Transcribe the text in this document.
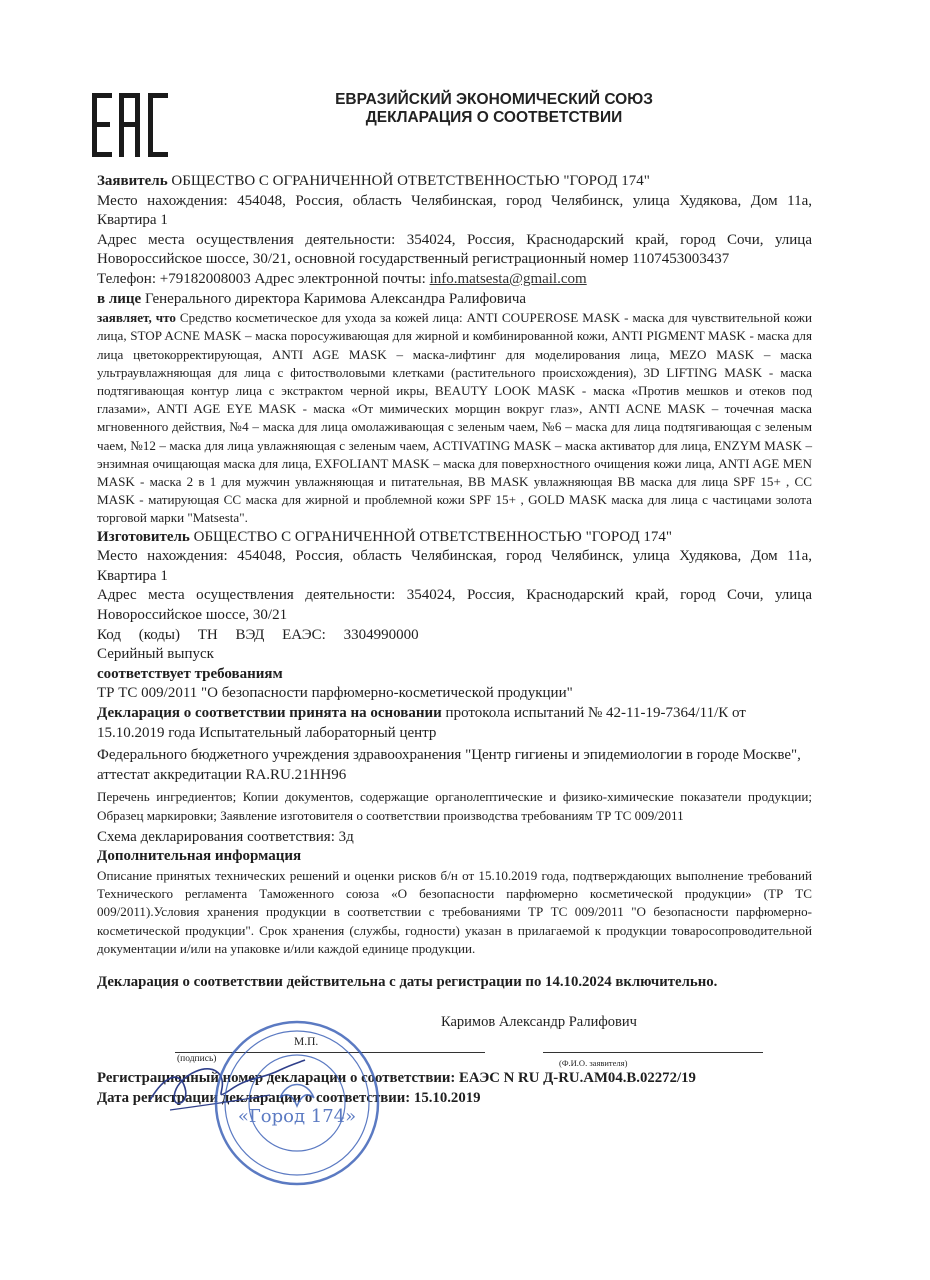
ЕВРАЗИЙСКИЙ ЭКОНОМИЧЕСКИЙ СОЮЗ
ДЕКЛАРАЦИЯ О СООТВЕТСТВИИ

Заявитель ОБЩЕСТВО С ОГРАНИЧЕННОЙ ОТВЕТСТВЕННОСТЬЮ "ГОРОД 174"

Место нахождения: 454048, Россия, область Челябинская, город Челябинск, улица Худякова, Дом 11а, Квартира 1

Адрес места осуществления деятельности: 354024, Россия, Краснодарский край, город Сочи, улица Новороссийское шоссе, 30/21, основной государственный регистрационный номер 1107453003437

Телефон: +79182008003 Адрес электронной почты: info.matsesta@gmail.com

в лице Генерального директора Каримова Александра Ралифовича

заявляет, что Средство косметическое для ухода за кожей лица: ANTI COUPEROSE MASK - маска для чувствительной кожи лица, STOP ACNE MASK – маска поросуживающая для жирной и комбинированной кожи, ANTI PIGMENT MASK - маска для лица цветокорректирующая, ANTI AGE MASK – маска-лифтинг для моделирования лица, MEZO MASK – маска ультраувлажняющая для лица с фитостволовыми клетками (растительного происхождения), 3D LIFTING MASK - маска подтягивающая контур лица с экстрактом черной икры, BEAUTY LOOK MASK - маска «Против мешков и отеков под глазами», ANTI AGE EYE MASK - маска «От мимических морщин вокруг глаз», ANTI ACNE MASK – точечная маска мгновенного действия, №4 – маска для лица омолаживающая с зеленым чаем, №6 – маска для лица подтягивающая с зеленым чаем, №12 – маска для лица увлажняющая с зеленым чаем, ACTIVATING MASK – маска активатор для лица, ENZYM MASK – энзимная очищающая маска для лица, EXFOLIANT MASK – маска для поверхностного очищения кожи лица, ANTI AGE MEN MASK - маска 2 в 1 для мужчин увлажняющая и питательная, BB MASK увлажняющая BB маска для лица SPF 15+ , CC MASK - матирующая CC маска для жирной и проблемной кожи SPF 15+ , GOLD MASK маска для лица с частицами золота торговой марки "Matsesta".

Изготовитель ОБЩЕСТВО С ОГРАНИЧЕННОЙ ОТВЕТСТВЕННОСТЬЮ "ГОРОД 174"

Место нахождения: 454048, Россия, область Челябинская, город Челябинск, улица Худякова, Дом 11а, Квартира 1

Адрес места осуществления деятельности: 354024, Россия, Краснодарский край, город Сочи, улица Новороссийское шоссе, 30/21

Код (коды) ТН ВЭД ЕАЭС: 3304990000

Серийный выпуск

соответствует требованиям

ТР ТС 009/2011 "О безопасности парфюмерно-косметической продукции"

Декларация о соответствии принята на основании протокола испытаний № 42-11-19-7364/11/К от 15.10.2019 года Испытательный лабораторный центр

Федерального бюджетного учреждения здравоохранения "Центр гигиены и эпидемиологии в городе Москве", аттестат аккредитации RA.RU.21HH96

Перечень ингредиентов; Копии документов, содержащие органолептические и физико-химические показатели продукции; Образец маркировки; Заявление изготовителя о соответствии производства требованиям ТР ТС 009/2011

Схема декларирования соответствия: 3д

Дополнительная информация

Описание принятых технических решений и оценки рисков б/н от 15.10.2019 года, подтверждающих выполнение требований Технического регламента Таможенного союза «О безопасности парфюмерно косметической продукции» (ТР ТС 009/2011).Условия хранения продукции в соответствии с требованиями ТР ТС 009/2011 "О безопасности парфюмерно-косметической продукции". Срок хранения (службы, годности) указан в прилагаемой к продукции товаросопроводительной документации и/или на упаковке и/или каждой единице продукции.

Декларация о соответствии действительна с даты регистрации по 14.10.2024 включительно.

Каримов Александр Ралифович
М.П.
(подпись)	(Ф.И.О. заявителя)

Регистрационный номер декларации о соответствии: ЕАЭС N RU Д-RU.АМ04.В.02272/19

Дата регистрации декларации о соответствии: 15.10.2019

«Город 174»
